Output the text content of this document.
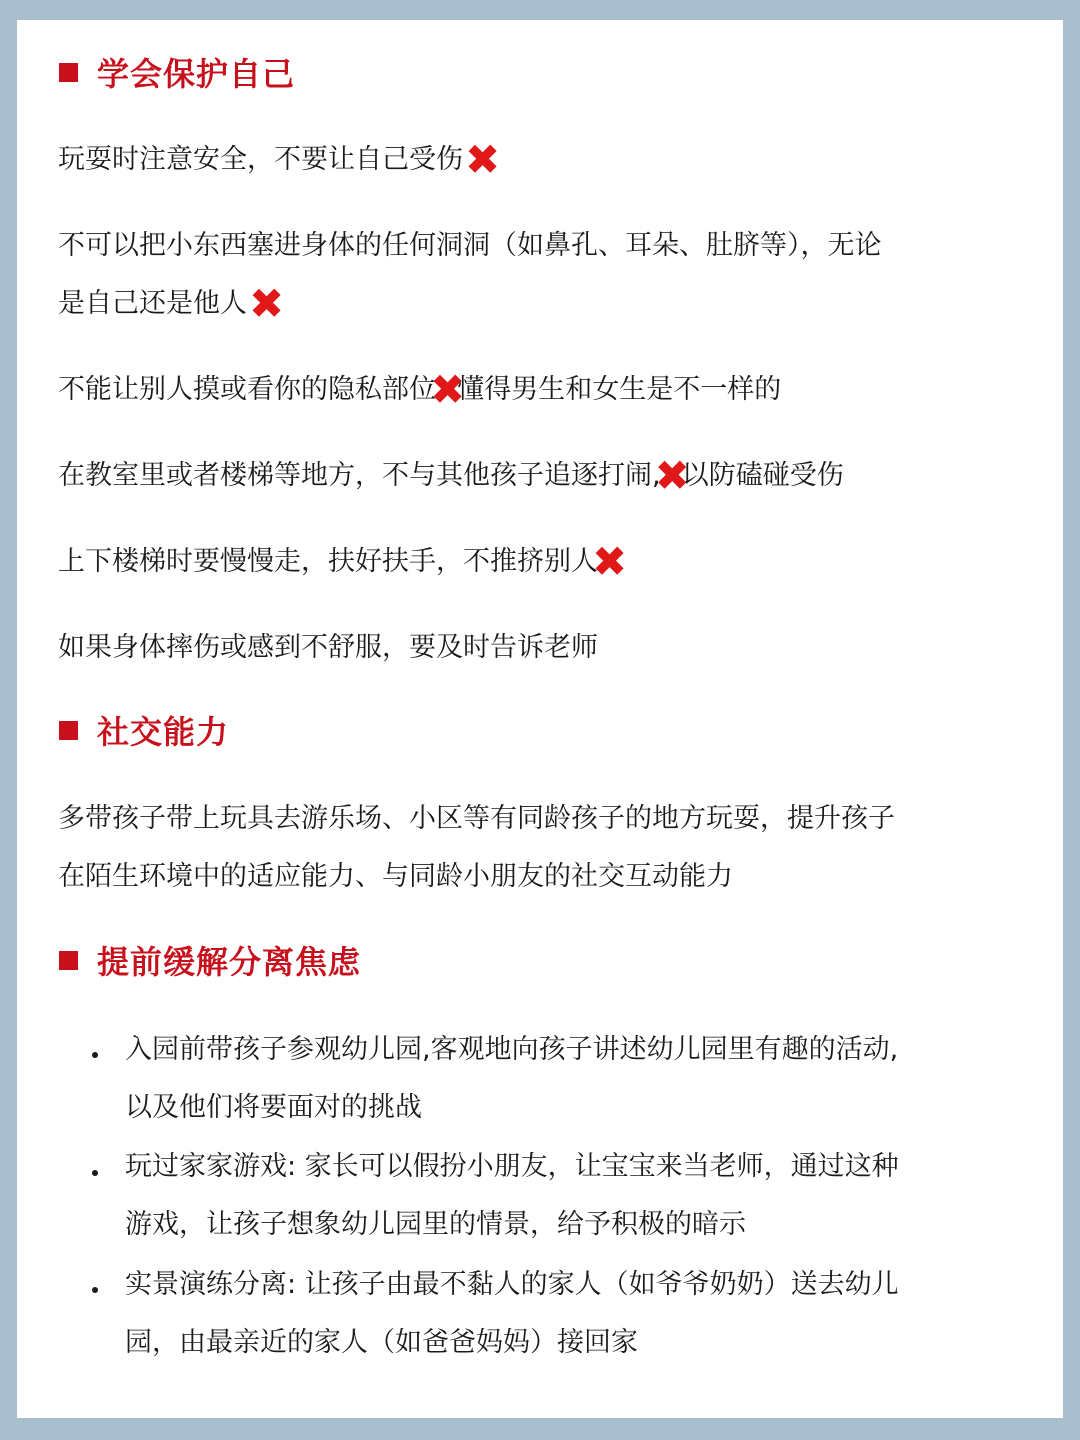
学会保护自己
玩耍时注意安全，不要让自己受伤✖
不可以把小东西塞进身体的任何洞洞（如鼻孔、耳朵、肚脐等），无论
是自己还是他人✖
不能让别人摸或看你的隐私部位✖懂得男生和女生是不一样的
在教室里或者楼梯等地方，不与其他孩子追逐打闹,✖以防磕碰受伤
上下楼梯时要慢慢走，扶好扶手，不推挤别人✖
如果身体摔伤或感到不舒服，要及时告诉老师
社交能力
多带孩子带上玩具去游乐场、小区等有同龄孩子的地方玩耍，提升孩子
在陌生环境中的适应能力、与同龄小朋友的社交互动能力
提前缓解分离焦虑
入园前带孩子参观幼儿园,客观地向孩子讲述幼儿园里有趣的活动,
以及他们将要面对的挑战
玩过家家游戏: 家长可以假扮小朋友，让宝宝来当老师，通过这种
游戏，让孩子想象幼儿园里的情景，给予积极的暗示
实景演练分离: 让孩子由最不黏人的家人（如爷爷奶奶）送去幼儿
园，由最亲近的家人（如爸爸妈妈）接回家
